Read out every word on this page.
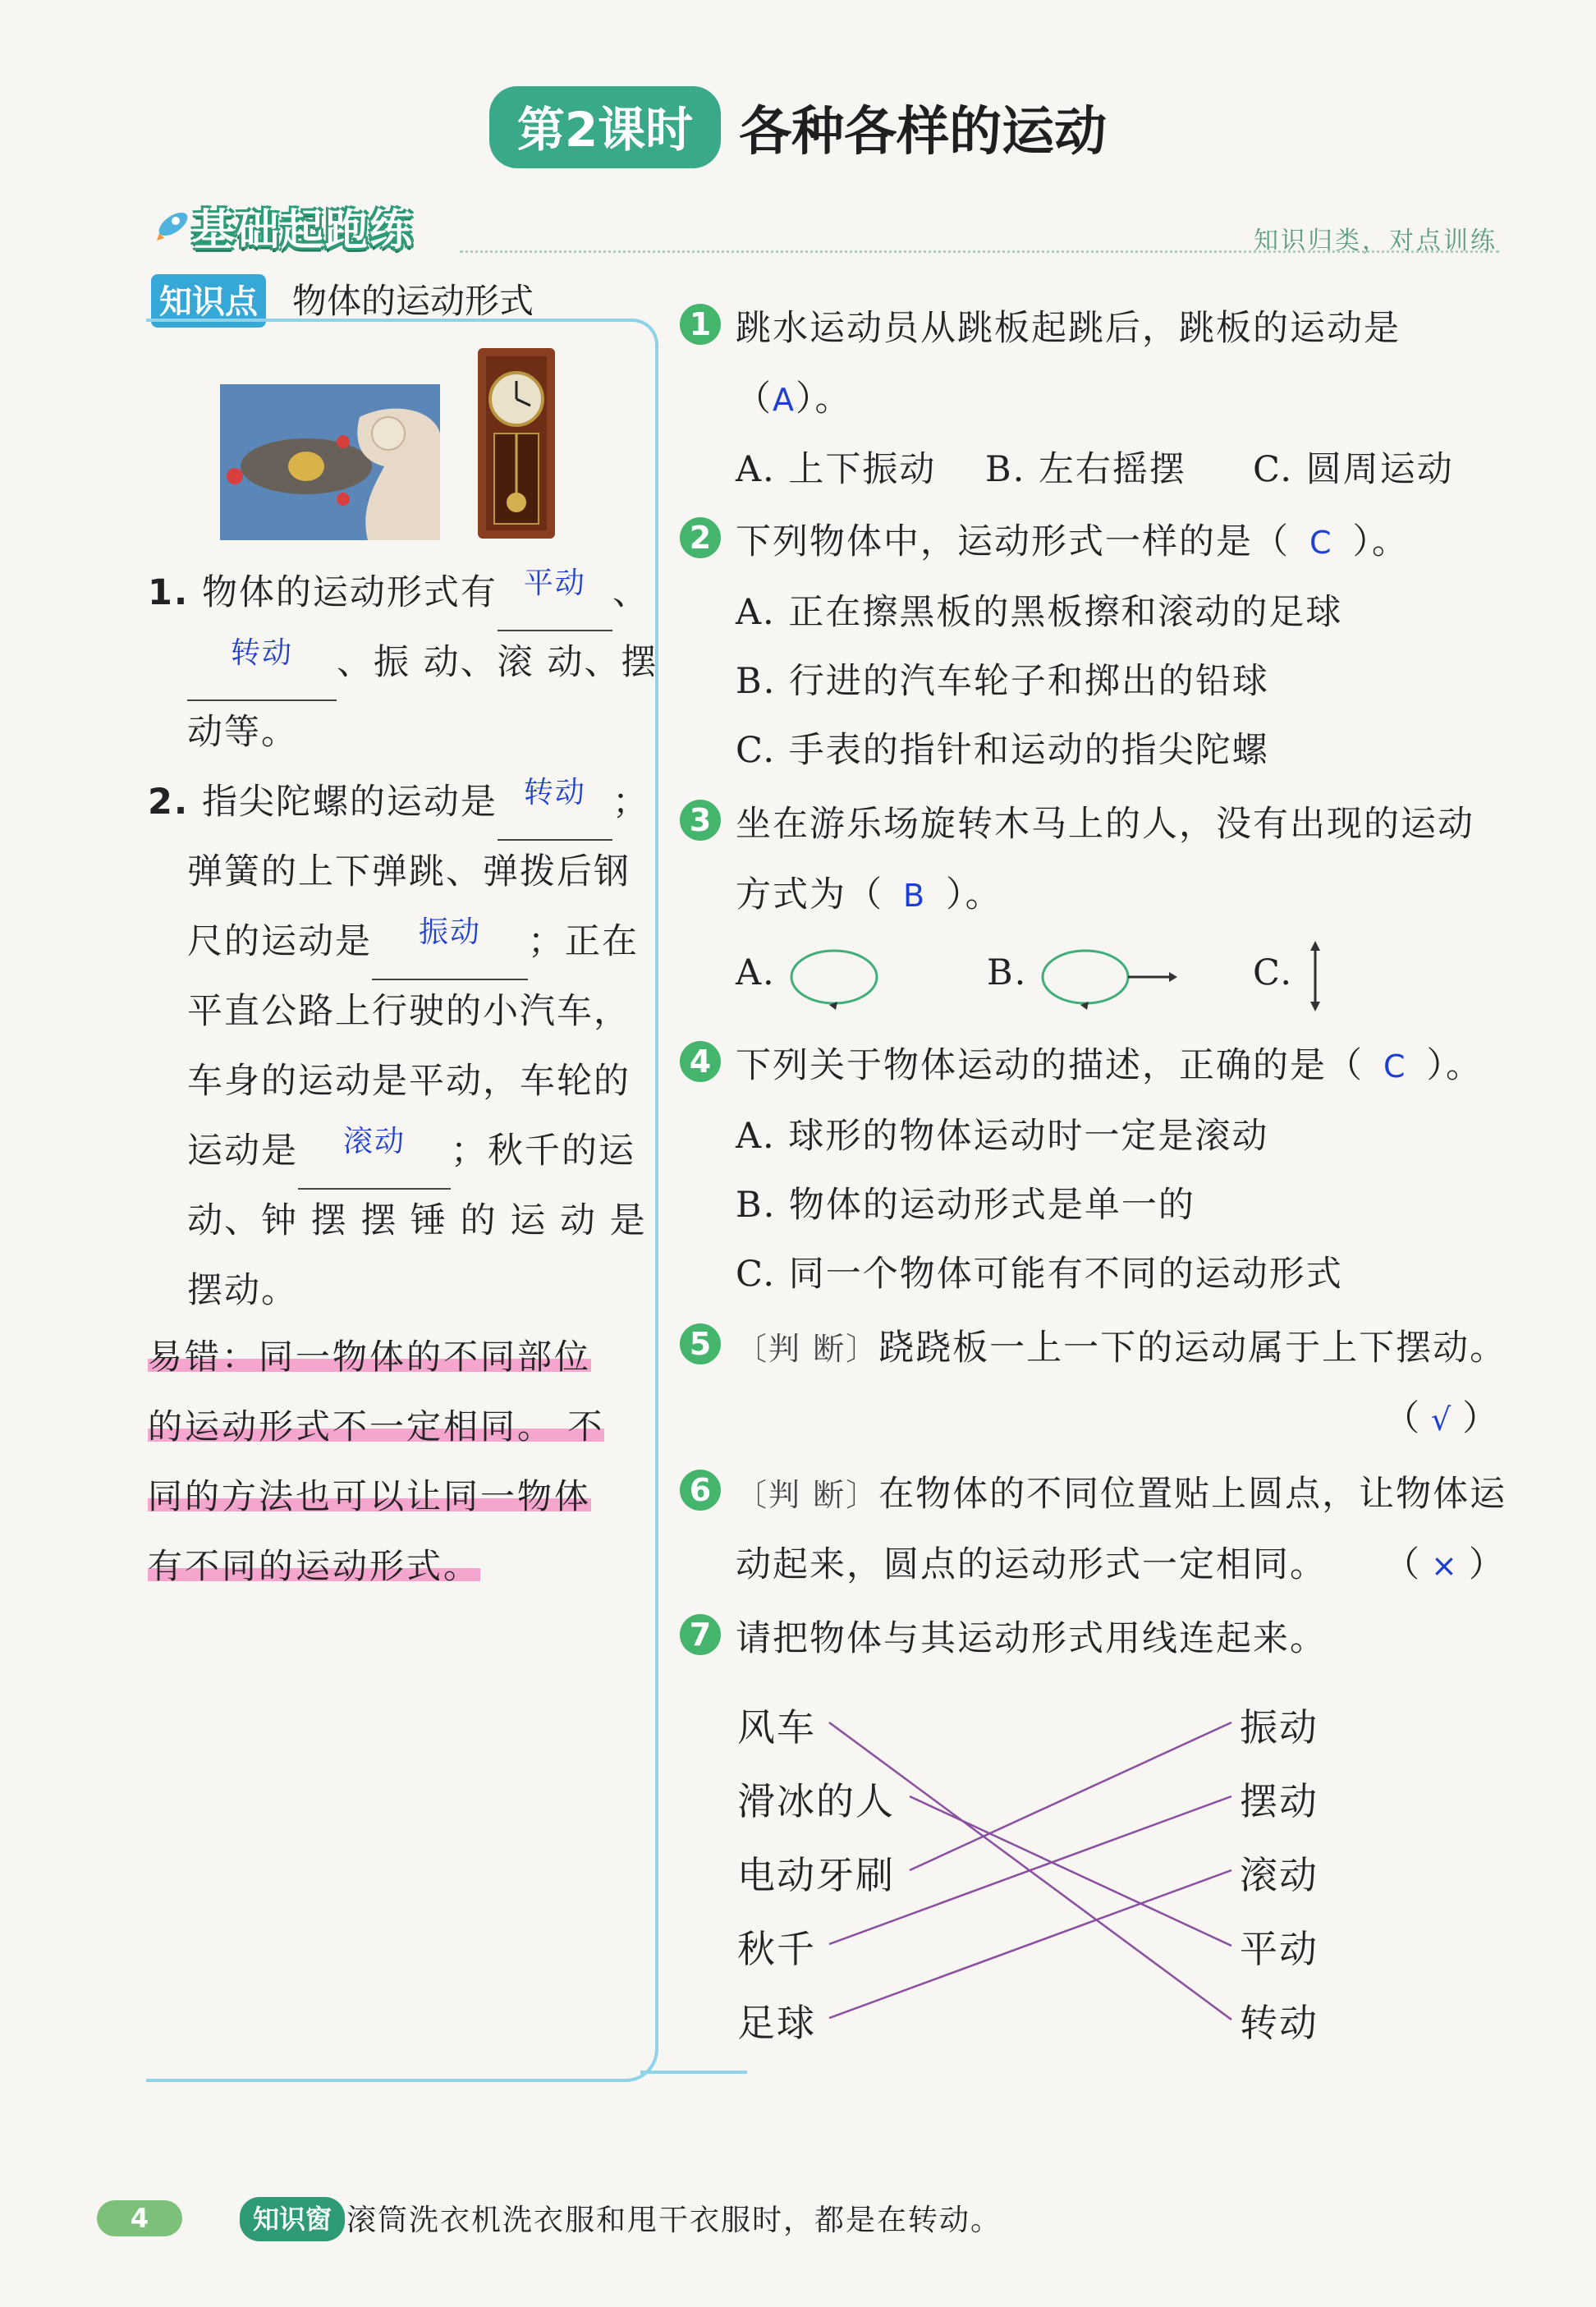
第2课时 各种各样的运动
基础起跑练	知识归类，对点训练
知识点 物体的运动形式
1. 物体的运动形式有 $^{平动}$ 、
$^{转动}$ 、振 动、滚 动、摆
动等。
2. 指尖陀螺的运动是 $^{转动}$ ；
弹簧的上下弹跳、弹拨后钢
尺的运动是 $^{振动}$ ；正在
平直公路上行驶的小汽车，
车身的运动是平动，车轮的
运动是 $^{滚动}$ ；秋千的运
动、钟 摆 摆 锤 的 运 动 是
摆动。
易错：同一物体的不同部位
的运动形式不一定相同。 不
同的方法也可以让同一物体
有不同的运动形式。
1 跳水运动员从跳板起跳后，跳板的运动是
（A）。
A. 上下振动 B. 左右摇摆 C. 圆周运动
2 下列物体中，运动形式一样的是（ C ）。
A. 正在擦黑板的黑板擦和滚动的足球
B. 行进的汽车轮子和掷出的铅球
C. 手表的指针和运动的指尖陀螺
3 坐在游乐场旋转木马上的人，没有出现的运动
方式为（ B ）。
A.	B.	C.
4 下列关于物体运动的描述，正确的是（ C ）。
A. 球形的物体运动时一定是滚动
B. 物体的运动形式是单一的
C. 同一个物体可能有不同的运动形式
5 〔判 断〕跷跷板一上一下的运动属于上下摆动。
（ √ ）
6 〔判 断〕在物体的不同位置贴上圆点，让物体运
动起来，圆点的运动形式一定相同。 （ × ）
7 请把物体与其运动形式用线连起来。
风车
滑冰的人
电动牙刷
秋千
足球
振动
摆动
滚动
平动
转动
4	知识窗 滚筒洗衣机洗衣服和甩干衣服时，都是在转动。
